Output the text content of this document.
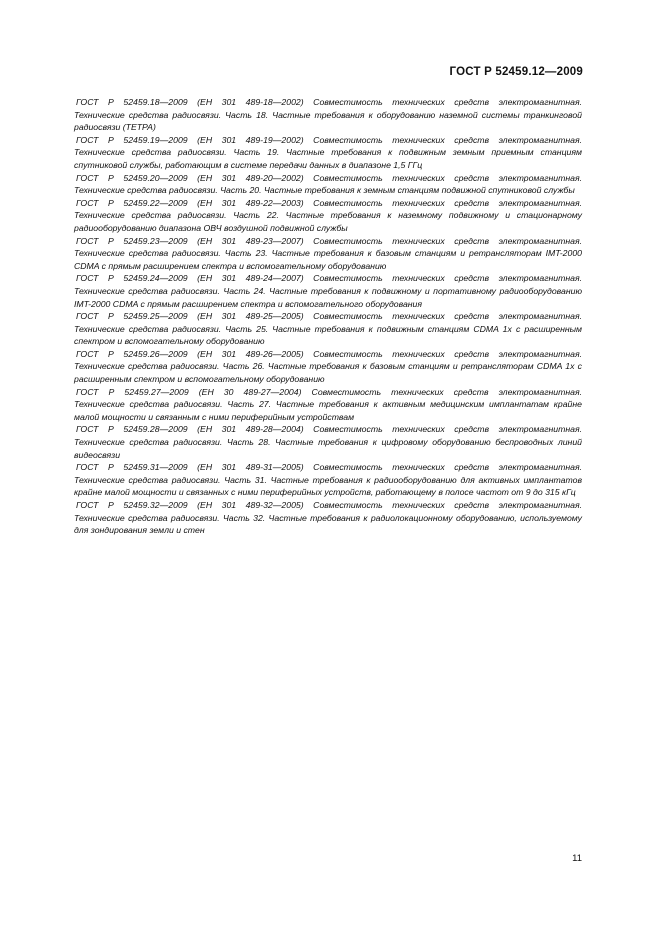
ГОСТ Р 52459.12—2009

ГОСТ Р 52459.18—2009 (ЕН 301 489-18—2002) Совместимость технических средств электромагнитная.
Технические средства радиосвязи. Часть 18. Частные требования к оборудованию наземной системы транкинговой радиосвязи (ТЕТРА)

ГОСТ Р 52459.19—2009 (ЕН 301 489-19—2002) Совместимость технических средств электромагнитная.
Технические средства радиосвязи. Часть 19. Частные требования к подвижным земным приемным станциям спутниковой службы, работающим в системе передачи данных в диапазоне 1,5 ГГц

ГОСТ Р 52459.20—2009 (ЕН 301 489-20—2002) Совместимость технических средств электромагнитная.
Технические средства радиосвязи. Часть 20. Частные требования к земным станциям подвижной спутниковой службы

ГОСТ Р 52459.22—2009 (ЕН 301 489-22—2003) Совместимость технических средств электромагнитная.
Технические средства радиосвязи. Часть 22. Частные требования к наземному подвижному и стационарному радиооборудованию диапазона ОВЧ воздушной подвижной службы

ГОСТ Р 52459.23—2009 (ЕН 301 489-23—2007) Совместимость технических средств электромагнитная.
Технические средства радиосвязи. Часть 23. Частные требования к базовым станциям и ретрансляторам IMT-2000 CDMA с прямым расширением спектра и вспомогательному оборудованию

ГОСТ Р 52459.24—2009 (ЕН 301 489-24—2007) Совместимость технических средств электромагнитная.
Технические средства радиосвязи. Часть 24. Частные требования к подвижному и портативному радиооборудованию IMT-2000 CDMA с прямым расширением спектра и вспомогательного оборудования

ГОСТ Р 52459.25—2009 (ЕН 301 489-25—2005) Совместимость технических средств электромагнитная.
Технические средства радиосвязи. Часть 25. Частные требования к подвижным станциям CDMA 1x с расширенным спектром и вспомогательному оборудованию

ГОСТ Р 52459.26—2009 (ЕН 301 489-26—2005) Совместимость технических средств электромагнитная.
Технические средства радиосвязи. Часть 26. Частные требования к базовым станциям и ретрансляторам CDMA 1x с расширенным спектром и вспомогательному оборудованию

ГОСТ Р 52459.27—2009 (ЕН 30 489-27—2004) Совместимость технических средств электромагнитная.
Технические средства радиосвязи. Часть 27. Частные требования к активным медицинским имплантатам крайне малой мощности и связанным с ними периферийным устройствам

ГОСТ Р 52459.28—2009 (ЕН 301 489-28—2004) Совместимость технических средств электромагнитная.
Технические средства радиосвязи. Часть 28. Частные требования к цифровому оборудованию беспроводных линий видеосвязи

ГОСТ Р 52459.31—2009 (ЕН 301 489-31—2005) Совместимость технических средств электромагнитная.
Технические средства радиосвязи. Часть 31. Частные требования к радиооборудованию для активных имплантатов крайне малой мощности и связанных с ними периферийных устройств, работающему в полосе частот от 9 до 315 кГц

ГОСТ Р 52459.32—2009 (ЕН 301 489-32—2005) Совместимость технических средств электромагнитная.
Технические средства радиосвязи. Часть 32. Частные требования к радиолокационному оборудованию, используемому для зондирования земли и стен

11
